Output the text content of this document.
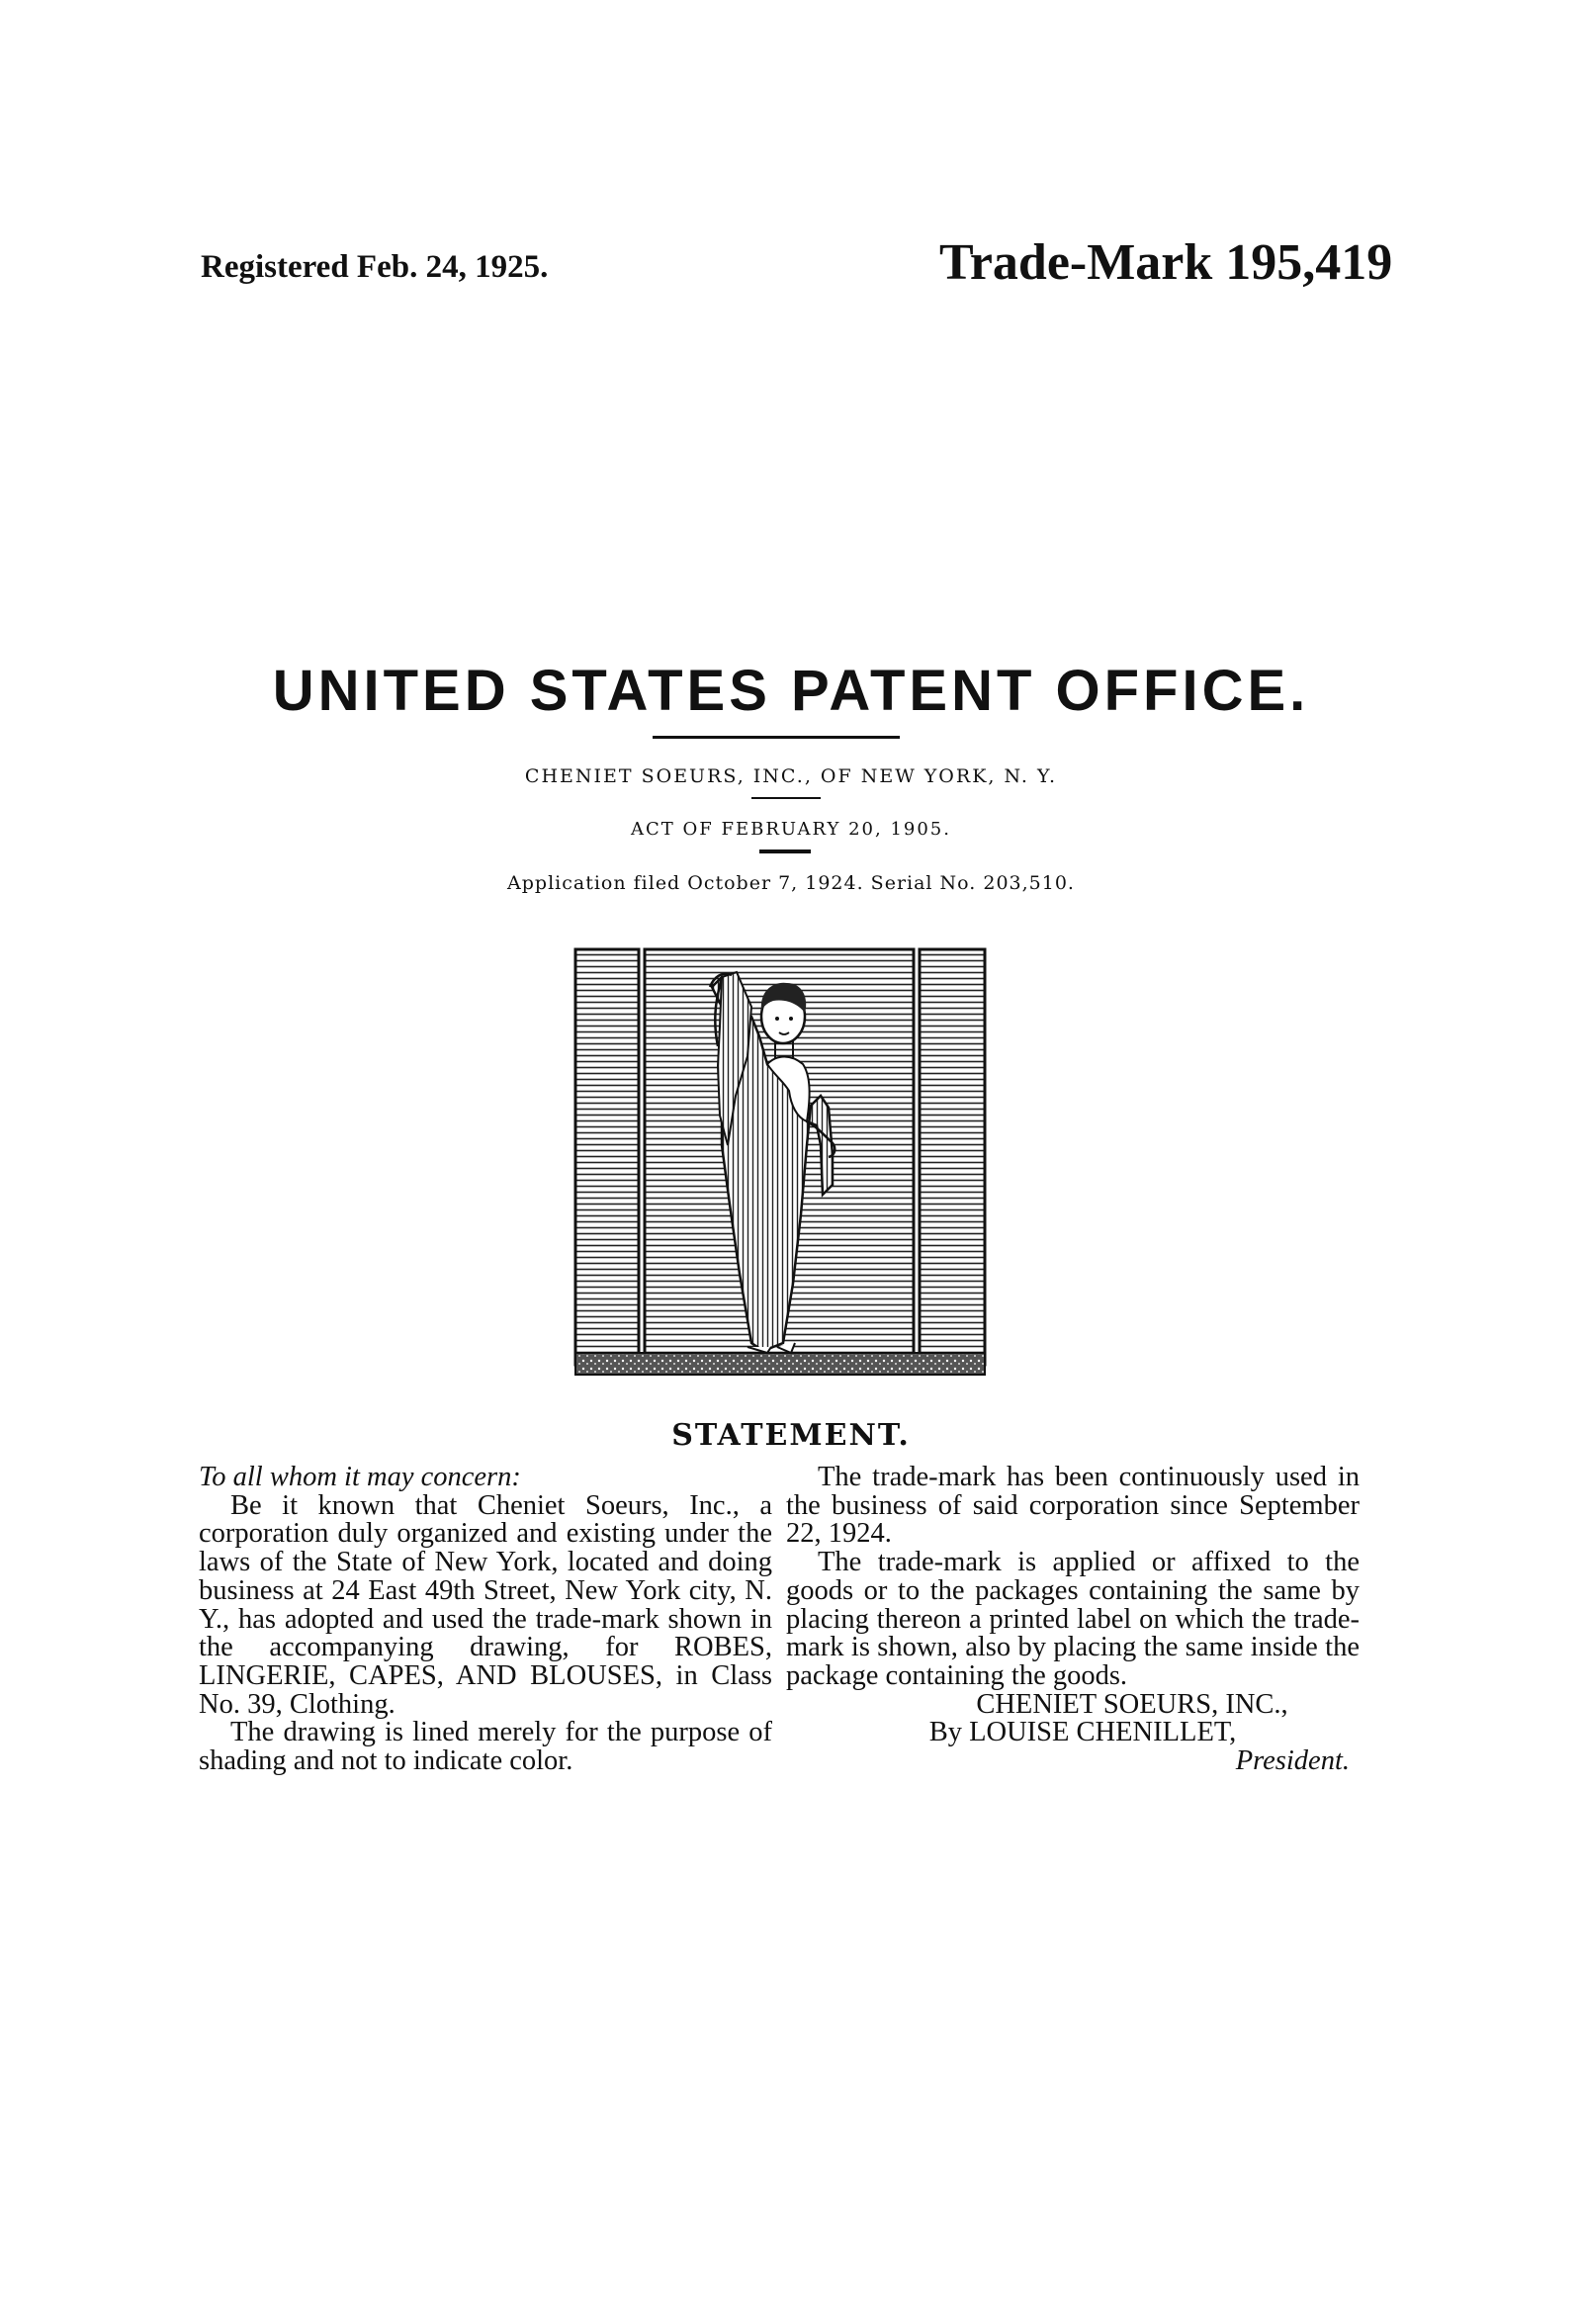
Registered Feb. 24, 1925.	Trade-Mark 195,419
UNITED STATES PATENT OFFICE.
CHENIET SOEURS, INC., OF NEW YORK, N. Y.
ACT OF FEBRUARY 20, 1905.
Application filed October 7, 1924. Serial No. 203,510.
STATEMENT.

To all whom it may concern:

Be it known that Cheniet Soeurs, Inc., a corporation duly organized and existing under the laws of the State of New York, located and doing business at 24 East 49th Street, New York city, N. Y., has adopted and used the trade-mark shown in the accompanying drawing, for ROBES, LINGERIE, CAPES, AND BLOUSES, in Class No. 39, Clothing.

The drawing is lined merely for the purpose of shading and not to indicate color.

The trade-mark has been continuously used in the business of said corporation since September 22, 1924.

The trade-mark is applied or affixed to the goods or to the packages containing the same by placing thereon a printed label on which the trade-mark is shown, also by placing the same inside the package containing the goods.

CHENIET SOEURS, INC.,

By LOUISE CHENILLET,

President.
